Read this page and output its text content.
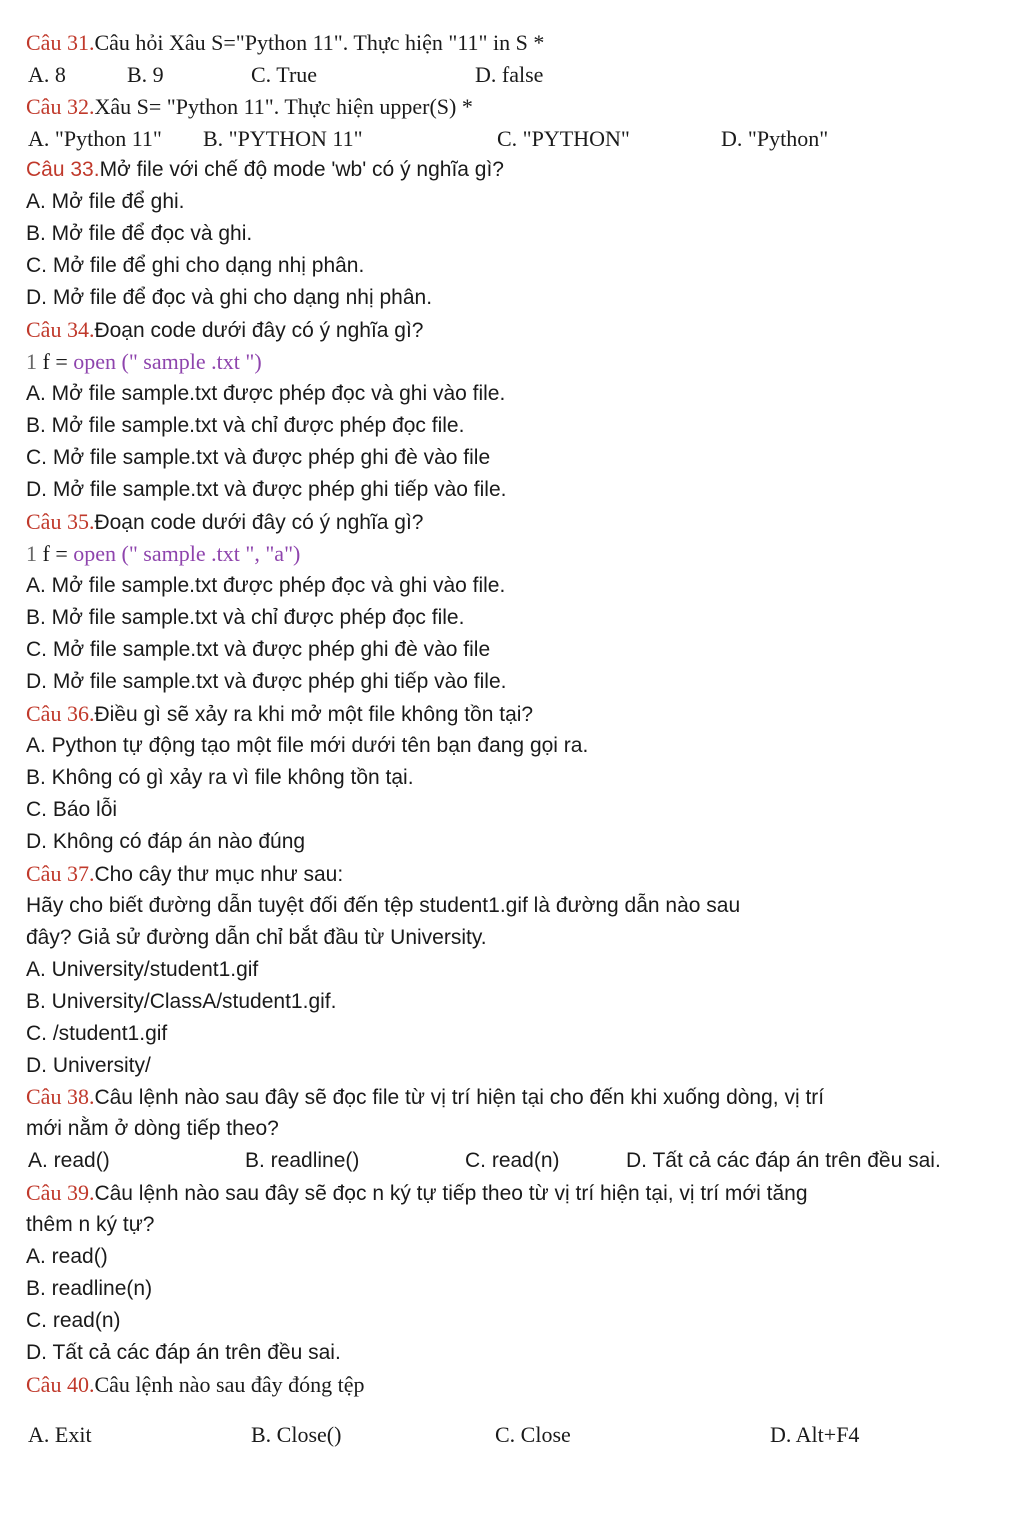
Câu 31.Câu hỏi Xâu S="Python 11". Thực hiện "11" in S *
A. 8	B. 9	C. True	D. false
Câu 32.Xâu S= "Python 11". Thực hiện upper(S) *
A. "Python 11" B. "PYTHON 11"	C. "PYTHON"	D. "Python"
Câu 33.Mở file với chế độ mode 'wb' có ý nghĩa gì?
A. Mở file để ghi.
B. Mở file để đọc và ghi.
C. Mở file để ghi cho dạng nhị phân.
D. Mở file để đọc và ghi cho dạng nhị phân.
Câu 34.Đoạn code dưới đây có ý nghĩa gì?
1 f = open (" sample .txt ")
A. Mở file sample.txt được phép đọc và ghi vào file.
B. Mở file sample.txt và chỉ được phép đọc file.
C. Mở file sample.txt và được phép ghi đè vào file
D. Mở file sample.txt và được phép ghi tiếp vào file.
Câu 35.Đoạn code dưới đây có ý nghĩa gì?
1 f = open (" sample .txt ", "a")
A. Mở file sample.txt được phép đọc và ghi vào file.
B. Mở file sample.txt và chỉ được phép đọc file.
C. Mở file sample.txt và được phép ghi đè vào file
D. Mở file sample.txt và được phép ghi tiếp vào file.
Câu 36.Điều gì sẽ xảy ra khi mở một file không tồn tại?
A. Python tự động tạo một file mới dưới tên bạn đang gọi ra.
B. Không có gì xảy ra vì file không tồn tại.
C. Báo lỗi
D. Không có đáp án nào đúng
Câu 37.Cho cây thư mục như sau:
Hãy cho biết đường dẫn tuyệt đối đến tệp student1.gif là đường dẫn nào sau
đây? Giả sử đường dẫn chỉ bắt đầu từ University.
A. University/student1.gif
B. University/ClassA/student1.gif.
C. /student1.gif
D. University/
Câu 38.Câu lệnh nào sau đây sẽ đọc file từ vị trí hiện tại cho đến khi xuống dòng, vị trí
mới nằm ở dòng tiếp theo?
A. read()	B. readline()	C. read(n)	D. Tất cả các đáp án trên đều sai.
Câu 39.Câu lệnh nào sau đây sẽ đọc n ký tự tiếp theo từ vị trí hiện tại, vị trí mới tăng
thêm n ký tự?
A. read()
B. readline(n)
C. read(n)
D. Tất cả các đáp án trên đều sai.
Câu 40.Câu lệnh nào sau đây đóng tệp
A. Exit	B. Close()	C. Close	D. Alt+F4
